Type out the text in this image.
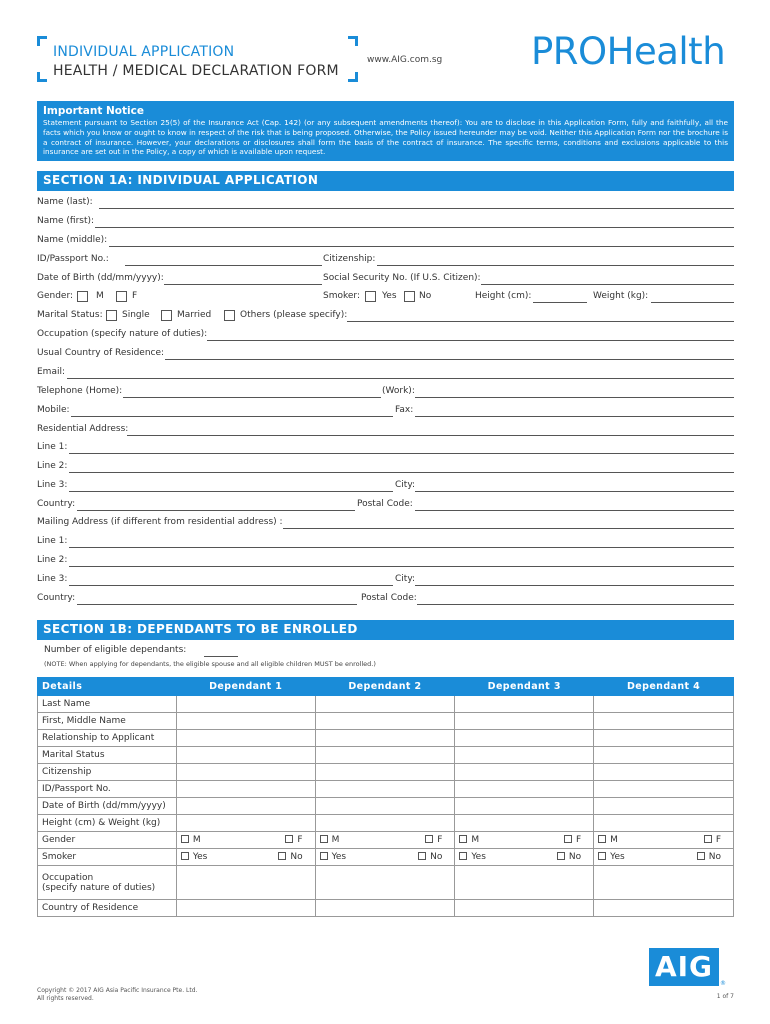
INDIVIDUAL APPLICATION
HEALTH / MEDICAL DECLARATION FORM
www.AIG.com.sg PROHealth
Important Notice
Statement pursuant to Section 25(5) of the Insurance Act (Cap. 142) (or any subsequent amendments thereof): You are to disclose in this Application Form, fully and faithfully, all the facts which you know or ought to know in respect of the risk that is being proposed. Otherwise, the Policy issued hereunder may be void. Neither this Application Form nor the brochure is a contract of insurance. However, your declarations or disclosures shall form the basis of the contract of insurance. The specific terms, conditions and exclusions applicable to this insurance are set out in the Policy, a copy of which is available upon request.
SECTION 1A: INDIVIDUAL APPLICATION
Name (last):
Name (first):
Name (middle):
ID/Passport No.:	Citizenship:
Date of Birth (dd/mm/yyyy):	Social Security No. (If U.S. Citizen):
Gender:	M	F	Smoker: Yes No	Height (cm):	Weight (kg):
Marital Status: Single	Married	Others (please specify):
Occupation (specify nature of duties):
Usual Country of Residence:
Email:
Telephone (Home):	(Work):
Mobile:	Fax:
Residential Address:
Line 1:
Line 2:
Line 3:	City:
Country:	Postal Code:
Mailing Address (if different from residential address) :
Line 1:
Line 2:
Line 3:	City:
Country:	Postal Code:
SECTION 1B: DEPENDANTS TO BE ENROLLED
Number of eligible dependants:
(NOTE: When applying for dependants, the eligible spouse and all eligible children MUST be enrolled.)
Details	Dependant 1	Dependant 2	Dependant 3	Dependant 4
Last Name				
First, Middle Name				
Relationship to Applicant				
Marital Status				
Citizenship				
ID/Passport No.				
Date of Birth (dd/mm/yyyy)				
Height (cm) & Weight (kg)				
Gender	M F	M F	M F	M F

Smoker	Yes No	Yes No	Yes No	Yes No

Occupation
(specify nature of duties)				

Country of Residence				
AIG
®
Copyright © 2017 AIG Asia Pacific Insurance Pte. Ltd.
All rights reserved.	1 of 7
